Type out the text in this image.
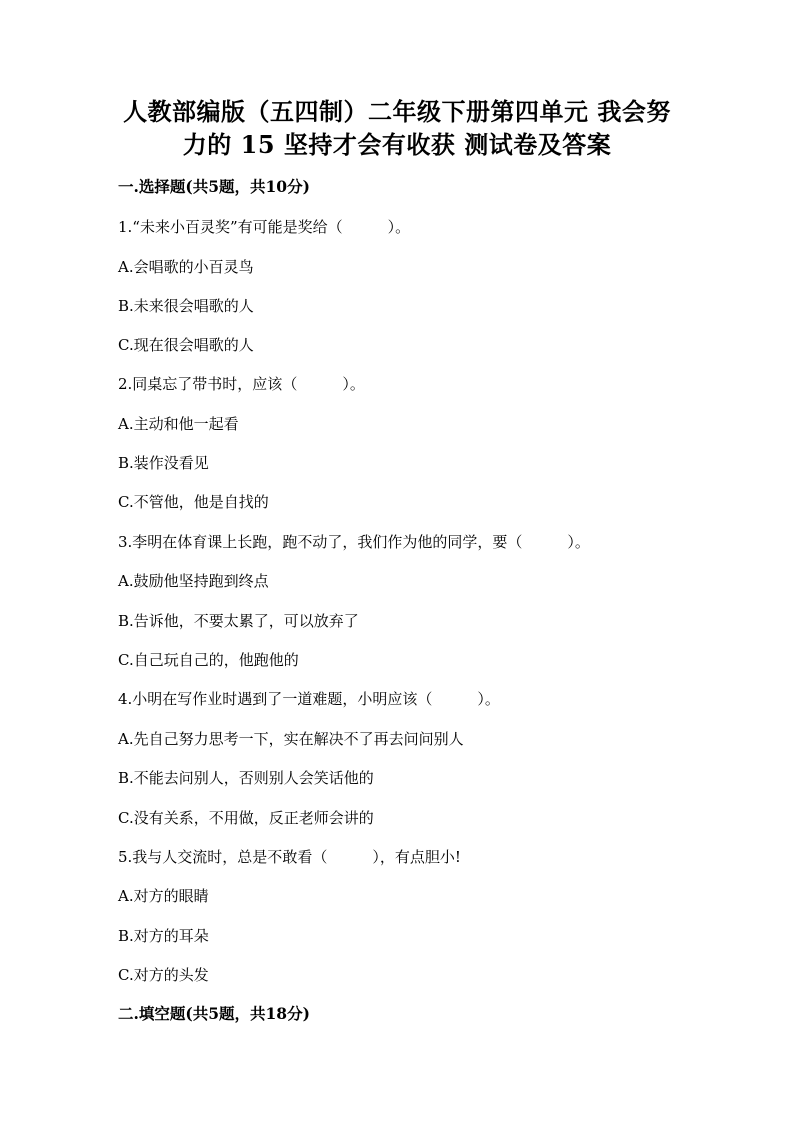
人教部编版（五四制）二年级下册第四单元 我会努
力的 15 坚持才会有收获 测试卷及答案
一.选择题(共5题，共10分)
1.“未来小百灵奖”有可能是奖给（　　　）。
A.会唱歌的小百灵鸟
B.未来很会唱歌的人
C.现在很会唱歌的人
2.同桌忘了带书时，应该（　　　）。
A.主动和他一起看
B.装作没看见
C.不管他，他是自找的
3.李明在体育课上长跑，跑不动了，我们作为他的同学，要（　　　）。
A.鼓励他坚持跑到终点
B.告诉他，不要太累了，可以放弃了
C.自己玩自己的，他跑他的
4.小明在写作业时遇到了一道难题，小明应该（　　　）。
A.先自己努力思考一下，实在解决不了再去问问别人
B.不能去问别人，否则别人会笑话他的
C.没有关系，不用做，反正老师会讲的
5.我与人交流时，总是不敢看（　　　），有点胆小!
A.对方的眼睛
B.对方的耳朵
C.对方的头发
二.填空题(共5题，共18分)
